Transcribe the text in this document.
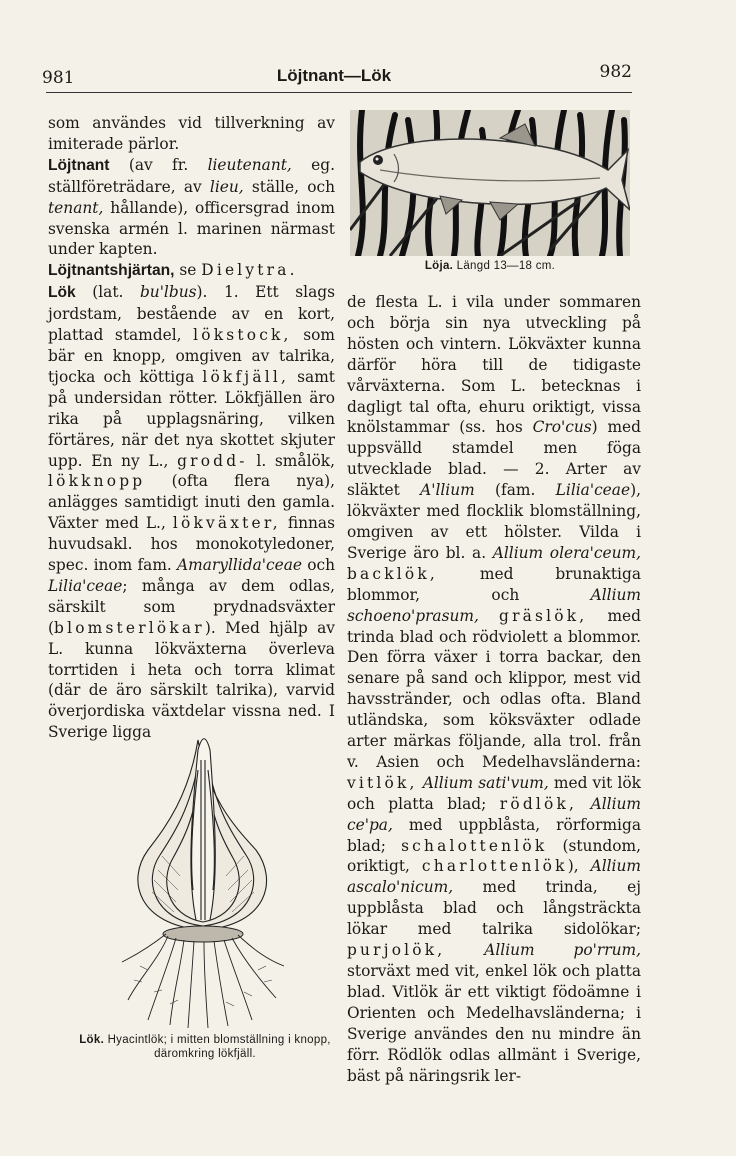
981	Löjtnant—Lök	982

som användes vid tillverkning av imiterade pärlor.

Löjtnant (av fr. lieutenant, eg. ställföreträdare, av lieu, ställe, och tenant, hållande), officersgrad inom svenska armén l. marinen närmast under kapten.

Löjtnantshjärtan, se Dielytra.

Lök (lat. bu'lbus). 1. Ett slags jordstam, bestående av en kort, plattad stamdel, lökstock, som bär en knopp, omgiven av talrika, tjocka och köttiga lökfjäll, samt på undersidan rötter. Lökfjällen äro rika på upplagsnäring, vilken förtäres, när det nya skottet skjuter upp. En ny L., grodd- l. smålök, lökknopp (ofta flera nya), anlägges samtidigt inuti den gamla. Växter med L., lökväxter, finnas huvudsakl. hos monokotyledoner, spec. inom fam. Amaryllida'ceae och Lilia'ceae; många av dem odlas, särskilt som prydnadsväxter (blomsterlökar). Med hjälp av L. kunna lökväxterna överleva torrtiden i heta och torra klimat (där de äro särskilt talrika), varvid överjordiska växtdelar vissna ned. I Sverige ligga

Löja. Längd 13—18 cm.

de flesta L. i vila under sommaren och börja sin nya utveckling på hösten och vintern. Lökväxter kunna därför höra till de tidigaste vårväxterna. Som L. betecknas i dagligt tal ofta, ehuru oriktigt, vissa knölstammar (ss. hos Cro'cus) med uppsvälld stamdel men föga utvecklade blad. — 2. Arter av släktet A'llium (fam. Lilia'ceae), lökväxter med flocklik blomställning, omgiven av ett hölster. Vilda i Sverige äro bl. a. Allium olera'ceum, backlök, med brunaktiga blommor, och Allium schoeno'prasum, gräslök, med trinda blad och rödviolett a blommor. Den förra växer i torra backar, den senare på sand och klippor, mest vid havsstränder, och odlas ofta. Bland utländska, som köksväxter odlade arter märkas följande, alla trol. från v. Asien och Medelhavsländerna: vitlök, Allium sati'vum, med vit lök och platta blad; rödlök, Allium ce'pa, med uppblåsta, rörformiga blad; schalottenlök (stundom, oriktigt, charlottenlök), Allium ascalo'nicum, med trinda, ej uppblåsta blad och långsträckta lökar med talrika sidolökar; purjolök,	Allium po'rrum, storväxt med vit, enkel lök och platta blad. Vitlök är ett viktigt födoämne i Orienten och Medelhavsländerna; i Sverige användes den nu mindre än förr. Rödlök odlas allmänt i Sverige, bäst på näringsrik ler-

Lök. Hyacintlök; i mitten blomställning i knopp, däromkring lökfjäll.
